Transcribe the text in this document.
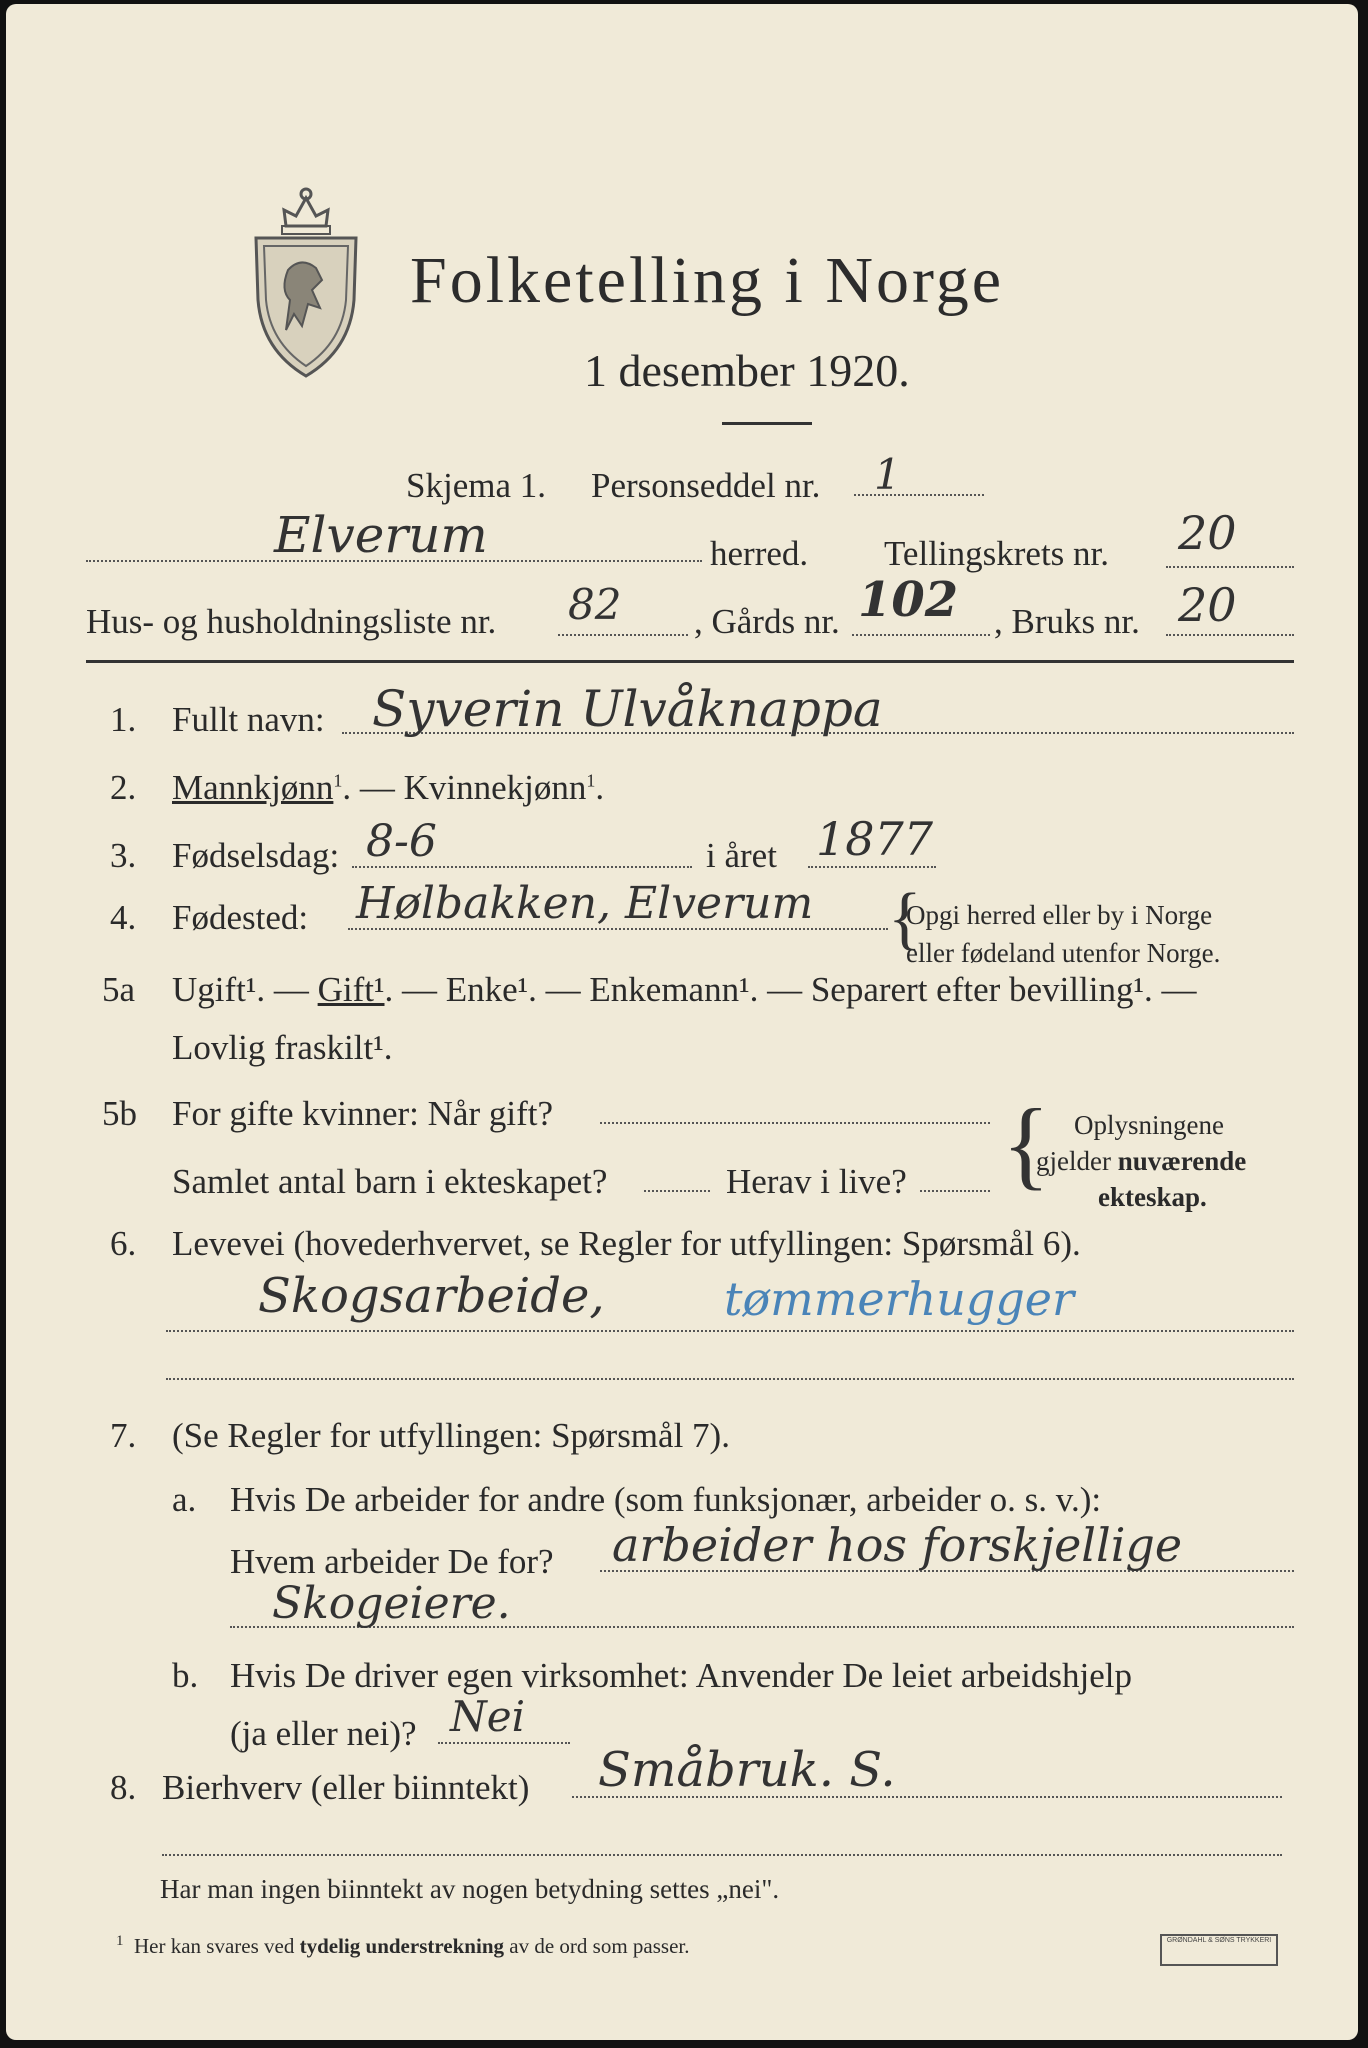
Folketelling i Norge
1 desember 1920.
Skjema 1. Personseddel nr. 1
Elverum	herred. Tellingskrets nr. 20
Hus- og husholdningsliste nr. 82 , Gårds nr. 102 , Bruks nr. 20
1. Fullt navn: Syverin Ulvåknappa
2. Mannkjønn$^1$. — Kvinnekjønn$^1$.
3. Fødselsdag: 8-6	i året 1877
4. Fødested: Hølbakken, Elverum {
Opgi herred eller by i Norge
eller fødeland utenfor Norge.
5a Ugift¹. — Gift¹. — Enke¹. — Enkemann¹. — Separert efter bevilling¹. —
Lovlig fraskilt¹.
5b For gifte kvinner: Når gift?
Samlet antal barn i ekteskapet?	Herav i live? { Oplysningene
gjelder nuværende
ekteskap.
6. Levevei (hovederhvervet, se Regler for utfyllingen: Spørsmål 6).
Skogsarbeide,	tømmerhugger
7. (Se Regler for utfyllingen: Spørsmål 7).
a. Hvis De arbeider for andre (som funksjonær, arbeider o. s. v.):
Hvem arbeider De for? arbeider hos forskjellige
Skogeiere.
b. Hvis De driver egen virksomhet: Anvender De leiet arbeidshjelp
(ja eller nei)? Nei
8. Bierhverv (eller biinntekt) Småbruk. S.
Har man ingen biinntekt av nogen betydning settes „nei".
$^1$ Her kan svares ved tydelig understrekning av de ord som passer.	GRØNDAHL & SØNS TRYKKERI
